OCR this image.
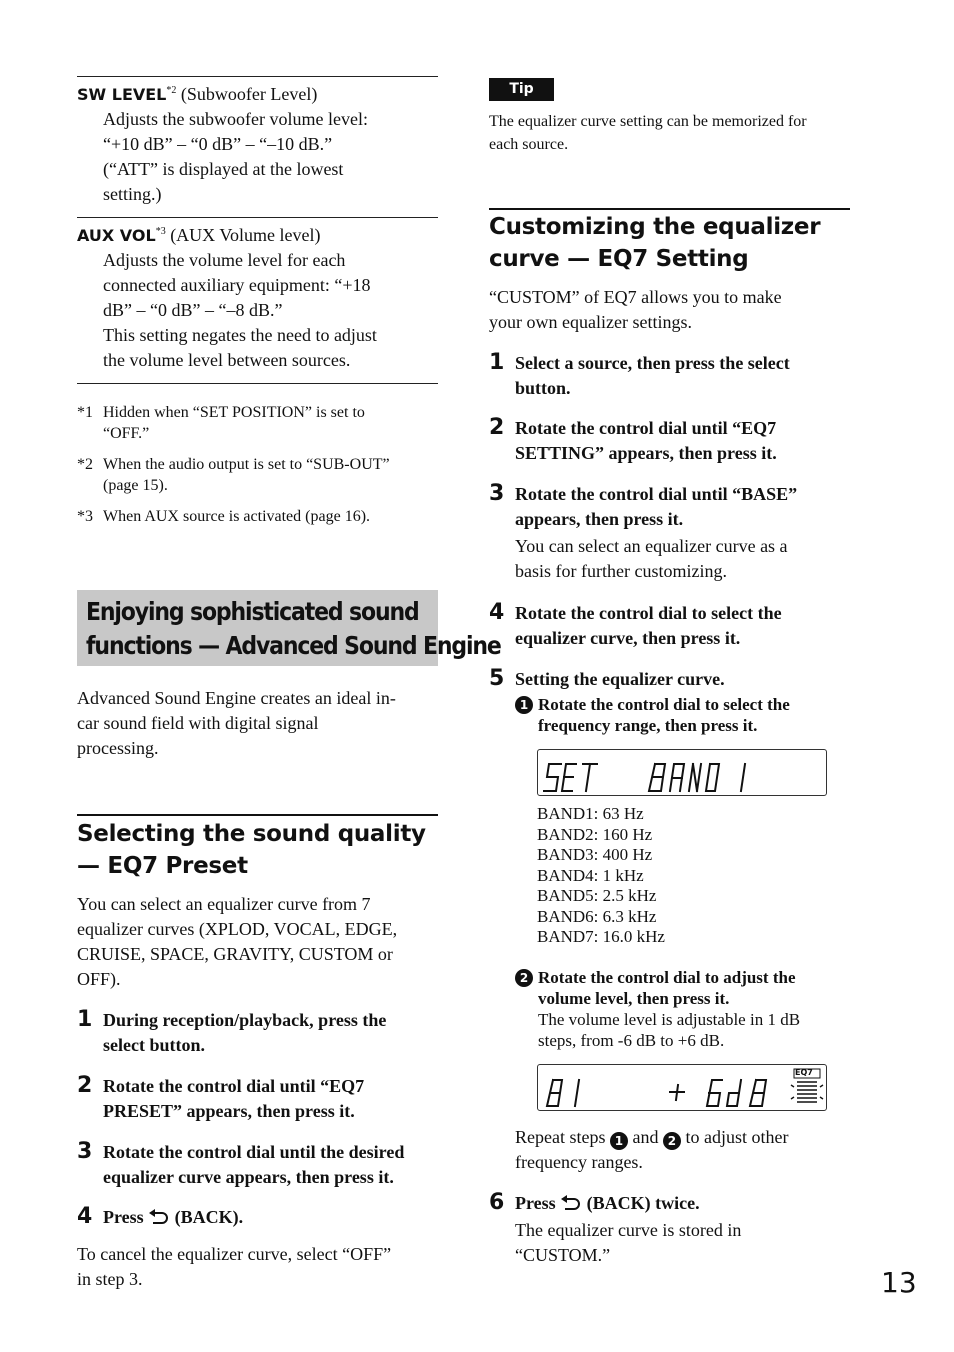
SW LEVEL$^{*2}$ (Subwoofer Level)
Adjusts the subwoofer volume level:
“+10 dB” – “0 dB” – “–10 dB.”
(“ATT” is displayed at the lowest
setting.)
AUX VOL$^{*3}$ (AUX Volume level)
Adjusts the volume level for each
connected auxiliary equipment: “+18
dB” – “0 dB” – “–8 dB.”
This setting negates the need to adjust
the volume level between sources.
*1 Hidden when “SET POSITION” is set to
“OFF.”
*2 When the audio output is set to “SUB-OUT”
(page 15).
*3 When AUX source is activated (page 16).
Enjoying sophisticated sound
functions — Advanced Sound Engine
Advanced Sound Engine creates an ideal in-
car sound field with digital signal
processing.
Selecting the sound quality
— EQ7 Preset
You can select an equalizer curve from 7
equalizer curves (XPLOD, VOCAL, EDGE,
CRUISE, SPACE, GRAVITY, CUSTOM or
OFF).
1 During reception/playback, press the
select button.
2 Rotate the control dial until “EQ7
PRESET” appears, then press it.
3 Rotate the control dial until the desired
equalizer curve appears, then press it.
4 Press  (BACK).
To cancel the equalizer curve, select “OFF”
in step 3.
Tip
The equalizer curve setting can be memorized for
each source.
Customizing the equalizer
curve — EQ7 Setting
“CUSTOM” of EQ7 allows you to make
your own equalizer settings.
1 Select a source, then press the select
button.
2 Rotate the control dial until “EQ7
SETTING” appears, then press it.
3 Rotate the control dial until “BASE”
appears, then press it.
You can select an equalizer curve as a
basis for further customizing.
4 Rotate the control dial to select the
equalizer curve, then press it.
5 Setting the equalizer curve.
1 Rotate the control dial to select the
frequency range, then press it.
BAND1: 63 Hz
BAND2: 160 Hz
BAND3: 400 Hz
BAND4: 1 kHz
BAND5: 2.5 kHz
BAND6: 6.3 kHz
BAND7: 16.0 kHz
2 Rotate the control dial to adjust the
volume level, then press it.
The volume level is adjustable in 1 dB
steps, from -6 dB to +6 dB.
EQ7
Repeat steps 1 and 2 to adjust other
frequency ranges.
6 Press  (BACK) twice.
The equalizer curve is stored in
“CUSTOM.”
13
